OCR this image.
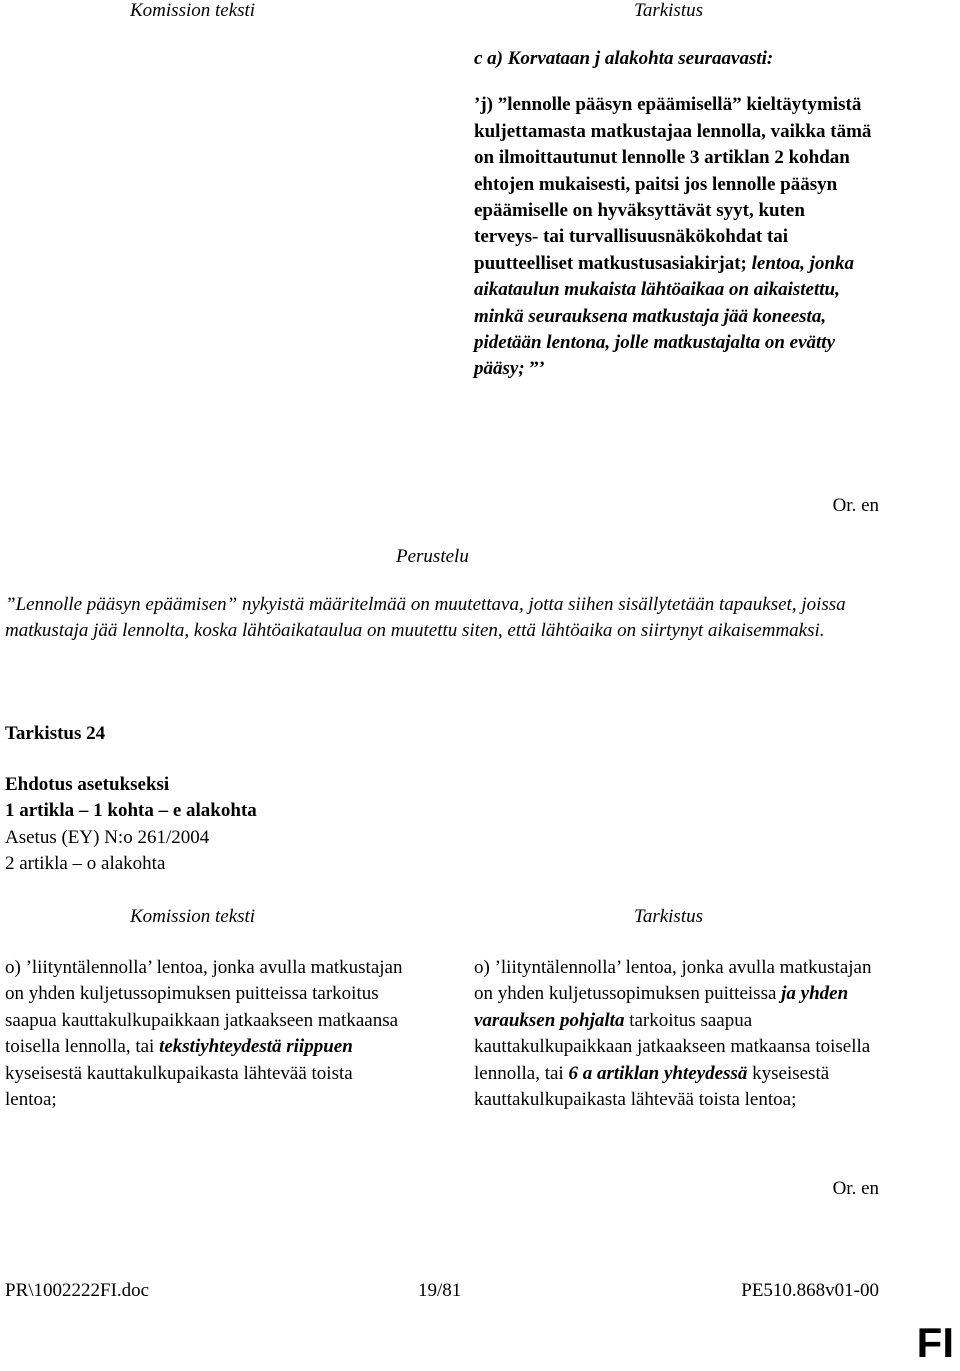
Komission teksti	Tarkistus

c a) Korvataan j alakohta seuraavasti:

’j) ”lennolle pääsyn epäämisellä” kieltäytymistä kuljettamasta matkustajaa lennolla, vaikka tämä on ilmoittautunut lennolle 3 artiklan 2 kohdan ehtojen mukaisesti, paitsi jos lennolle pääsyn epäämiselle on hyväksyttävät syyt, kuten terveys- tai turvallisuusnäkökohdat tai puutteelliset matkustusasiakirjat; lentoa, jonka aikataulun mukaista lähtöaikaa on aikaistettu, minkä seurauksena matkustaja jää koneesta, pidetään lentona, jolle matkustajalta on evätty pääsy; ”’

Or. en
Perustelu

”Lennolle pääsyn epäämisen” nykyistä määritelmää on muutettava, jotta siihen sisällytetään tapaukset, joissa matkustaja jää lennolta, koska lähtöaikataulua on muutettu siten, että lähtöaika on siirtynyt aikaisemmaksi.

Tarkistus 24
Ehdotus asetukseksi
1 artikla – 1 kohta – e alakohta
Asetus (EY) N:o 261/2004
2 artikla – o alakohta
Komission teksti	Tarkistus

o) ’liityntälennolla’ lentoa, jonka avulla matkustajan on yhden kuljetussopimuksen puitteissa tarkoitus saapua kauttakulkupaikkaan jatkaakseen matkaansa toisella lennolla, tai tekstiyhteydestä riippuen kyseisestä kauttakulkupaikasta lähtevää toista lentoa;

o) ’liityntälennolla’ lentoa, jonka avulla matkustajan on yhden kuljetussopimuksen puitteissa ja yhden varauksen pohjalta tarkoitus saapua kauttakulkupaikkaan jatkaakseen matkaansa toisella lennolla, tai 6 a artiklan yhteydessä kyseisestä kauttakulkupaikasta lähtevää toista lentoa;

Or. en
PR\1002222FI.doc	19/81	PE510.868v01-00
FI
